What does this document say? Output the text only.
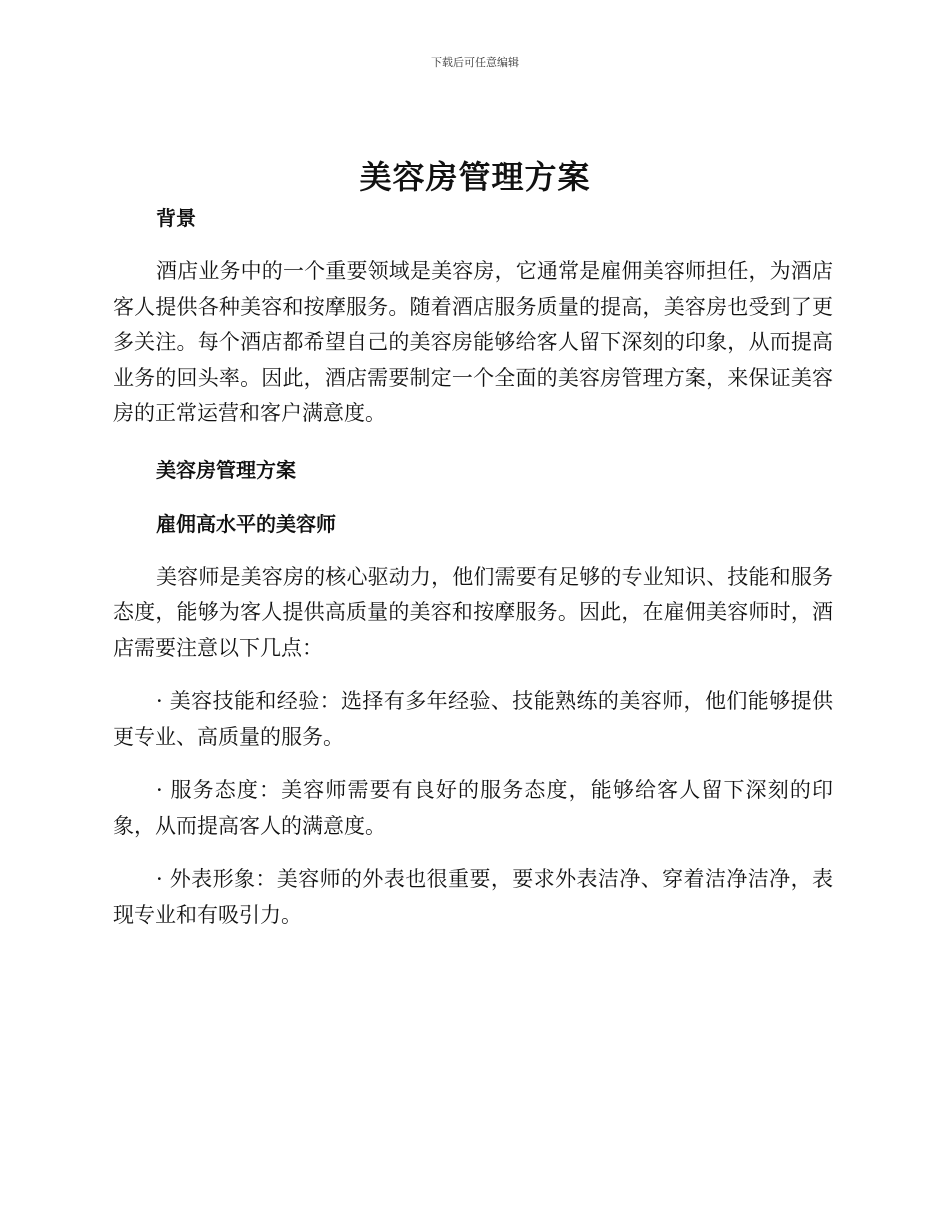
下载后可任意编辑
美容房管理方案
背景

酒店业务中的一个重要领域是美容房，它通常是雇佣美容师担任，为酒店客人提供各种美容和按摩服务。随着酒店服务质量的提高，美容房也受到了更多关注。每个酒店都希望自己的美容房能够给客人留下深刻的印象，从而提高业务的回头率。因此，酒店需要制定一个全面的美容房管理方案，来保证美容房的正常运营和客户满意度。

美容房管理方案
雇佣高水平的美容师

美容师是美容房的核心驱动力，他们需要有足够的专业知识、技能和服务态度，能够为客人提供高质量的美容和按摩服务。因此，在雇佣美容师时，酒店需要注意以下几点：

· 美容技能和经验：选择有多年经验、技能熟练的美容师，他们能够提供更专业、高质量的服务。

· 服务态度：美容师需要有良好的服务态度，能够给客人留下深刻的印象，从而提高客人的满意度。

· 外表形象：美容师的外表也很重要，要求外表洁净、穿着洁净洁净，表现专业和有吸引力。
